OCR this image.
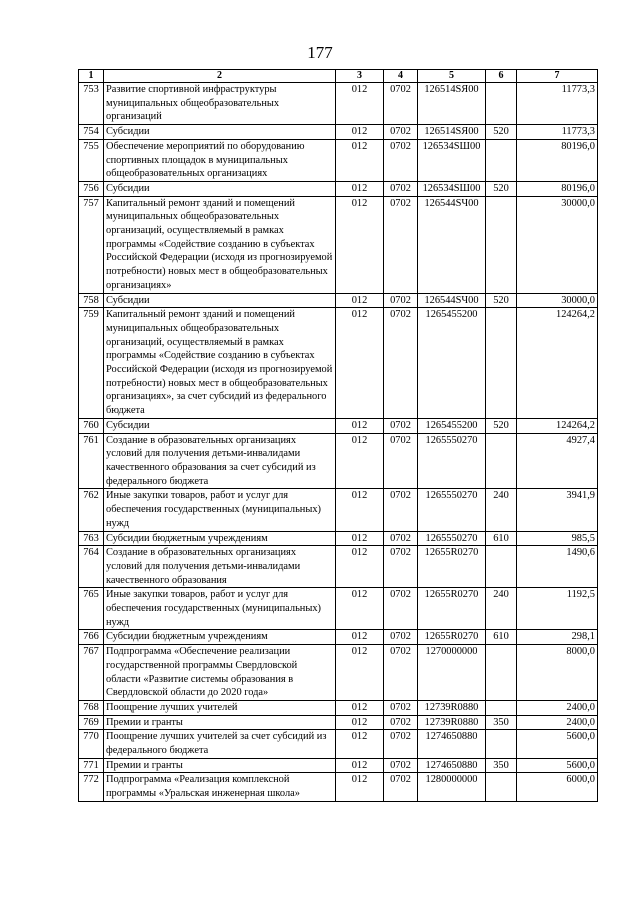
177
1	2	3	4	5	6	7
753	Развитие спортивной инфраструктуры муниципальных общеобразовательных организаций	012	0702	126514SЯ00		11773,3
754	Субсидии	012	0702	126514SЯ00	520	11773,3
755	Обеспечение мероприятий по оборудованию спортивных площадок в муниципальных общеобразовательных организациях	012	0702	126534SШ00		80196,0
756	Субсидии	012	0702	126534SШ00	520	80196,0
757	Капитальный ремонт зданий и помещений муниципальных общеобразовательных организаций, осуществляемый в рамках программы «Содействие созданию в субъектах Российской Федерации (исходя из прогнозируемой потребности) новых мест в общеобразовательных организациях»	012	0702	126544SЧ00		30000,0
758	Субсидии	012	0702	126544SЧ00	520	30000,0
759	Капитальный ремонт зданий и помещений муниципальных общеобразовательных организаций, осуществляемый в рамках программы «Содействие созданию в субъектах Российской Федерации (исходя из прогнозируемой потребности) новых мест в общеобразовательных организациях», за счет субсидий из федерального бюджета	012	0702	1265455200		124264,2
760	Субсидии	012	0702	1265455200	520	124264,2
761	Создание в образовательных организациях условий для получения детьми-инвалидами качественного образования за счет субсидий из федерального бюджета	012	0702	1265550270		4927,4
762	Иные закупки товаров, работ и услуг для обеспечения государственных (муниципальных) нужд	012	0702	1265550270	240	3941,9
763	Субсидии бюджетным учреждениям	012	0702	1265550270	610	985,5
764	Создание в образовательных организациях условий для получения детьми-инвалидами качественного образования	012	0702	12655R0270		1490,6
765	Иные закупки товаров, работ и услуг для обеспечения государственных (муниципальных) нужд	012	0702	12655R0270	240	1192,5
766	Субсидии бюджетным учреждениям	012	0702	12655R0270	610	298,1
767	Подпрограмма «Обеспечение реализации государственной программы Свердловской области «Развитие системы образования в Свердловской области до 2020 года»	012	0702	1270000000		8000,0
768	Поощрение лучших учителей	012	0702	12739R0880		2400,0
769	Премии и гранты	012	0702	12739R0880	350	2400,0
770	Поощрение лучших учителей за счет субсидий из федерального бюджета	012	0702	1274650880		5600,0
771	Премии и гранты	012	0702	1274650880	350	5600,0
772	Подпрограмма «Реализация комплексной программы «Уральская инженерная школа»	012	0702	1280000000		6000,0
